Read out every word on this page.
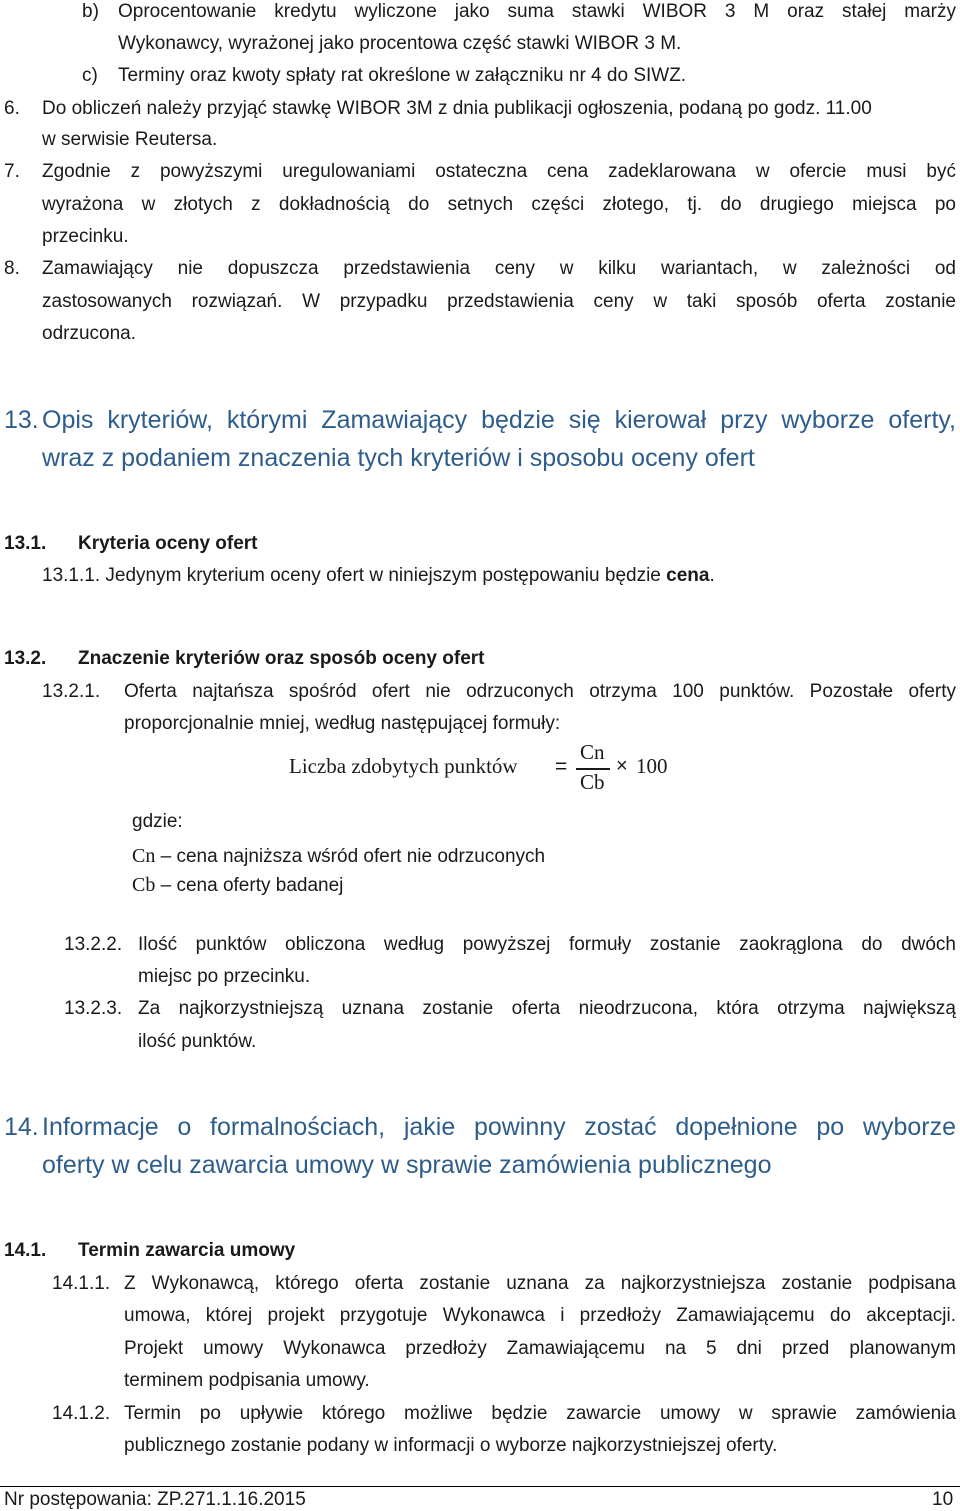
b) Oprocentowanie kredytu wyliczone jako suma stawki WIBOR 3 M oraz stałej marży
Wykonawcy, wyrażonej jako procentowa część stawki WIBOR 3 M.
c) Terminy oraz kwoty spłaty rat określone w załączniku nr 4 do SIWZ.
6. Do obliczeń należy przyjąć stawkę WIBOR 3M z dnia publikacji ogłoszenia, podaną po godz. 11.00
w serwisie Reutersa.
7. Zgodnie z powyższymi uregulowaniami ostateczna cena zadeklarowana w ofercie musi być
wyrażona w złotych z dokładnością do setnych części złotego, tj. do drugiego miejsca po
przecinku.
8. Zamawiający nie dopuszcza przedstawienia ceny w kilku wariantach, w zależności od
zastosowanych rozwiązań. W przypadku przedstawienia ceny w taki sposób oferta zostanie
odrzucona.
13. Opis kryteriów, którymi Zamawiający będzie się kierował przy wyborze oferty,
wraz z podaniem znaczenia tych kryteriów i sposobu oceny ofert
13.1. Kryteria oceny ofert
13.1.1. Jedynym kryterium oceny ofert w niniejszym postępowaniu będzie cena.
13.2. Znaczenie kryteriów oraz sposób oceny ofert
13.2.1. Oferta najtańsza spośród ofert nie odrzuconych otrzyma 100 punktów. Pozostałe oferty
proporcjonalnie mniej, według następującej formuły:
Liczba zdobytych punktów =
Cn
Cb
× 100
gdzie:
Cn – cena najniższa wśród ofert nie odrzuconych
Cb – cena oferty badanej
13.2.2. Ilość punktów obliczona według powyższej formuły zostanie zaokrąglona do dwóch
miejsc po przecinku.
13.2.3. Za najkorzystniejszą uznana zostanie oferta nieodrzucona, która otrzyma największą
ilość punktów.
14. Informacje o formalnościach, jakie powinny zostać dopełnione po wyborze
oferty w celu zawarcia umowy w sprawie zamówienia publicznego
14.1. Termin zawarcia umowy
14.1.1. Z Wykonawcą, którego oferta zostanie uznana za najkorzystniejsza zostanie podpisana
umowa, której projekt przygotuje Wykonawca i przedłoży Zamawiającemu do akceptacji.
Projekt umowy Wykonawca przedłoży Zamawiającemu na 5 dni przed planowanym
terminem podpisania umowy.
14.1.2. Termin po upływie którego możliwe będzie zawarcie umowy w sprawie zamówienia
publicznego zostanie podany w informacji o wyborze najkorzystniejszej oferty.
Nr postępowania: ZP.271.1.16.2015	10
